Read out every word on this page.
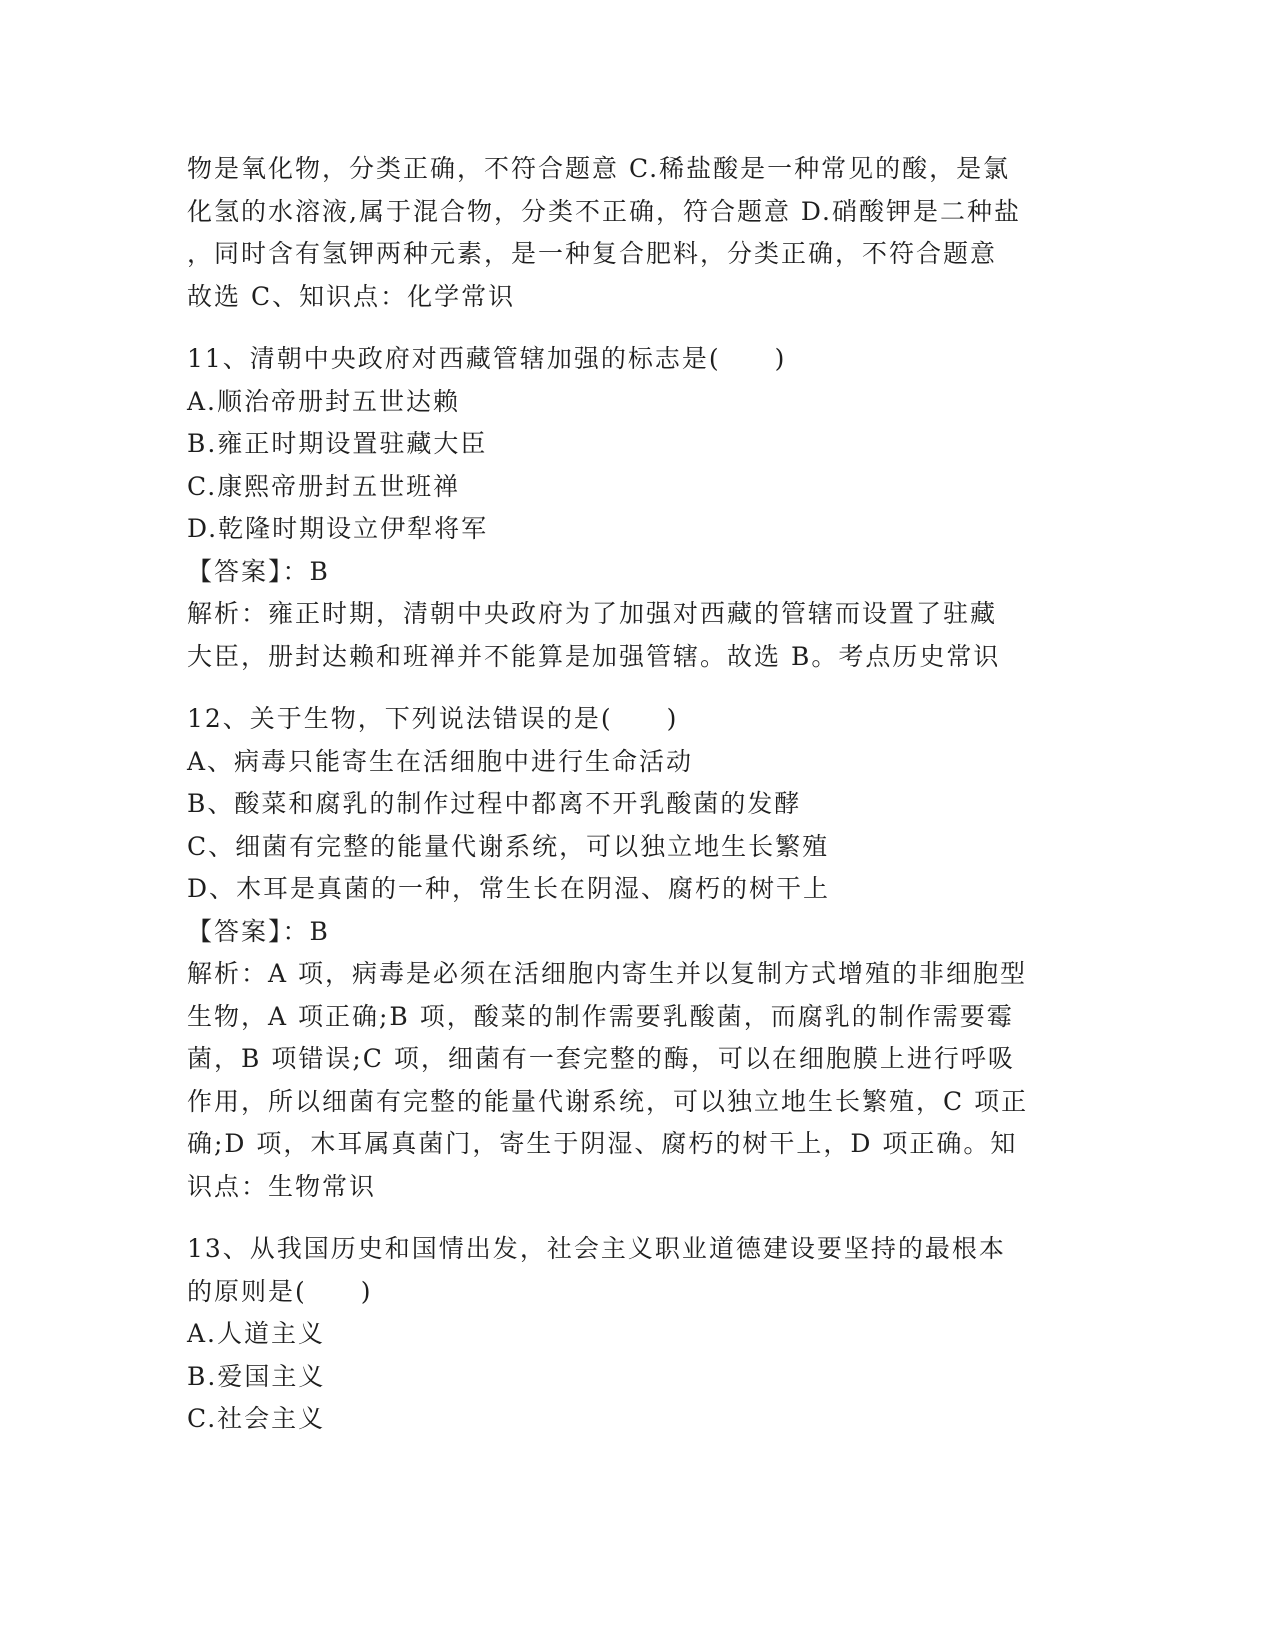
物是氧化物，分类正确，不符合题意 C.稀盐酸是一种常见的酸，是氯
化氢的水溶液,属于混合物，分类不正确，符合题意 D.硝酸钾是二种盐
，同时含有氢钾两种元素，是一种复合肥料，分类正确，不符合题意
故选 C、知识点：化学常识
11、清朝中央政府对西藏管辖加强的标志是(　　)
A.顺治帝册封五世达赖
B.雍正时期设置驻藏大臣
C.康熙帝册封五世班禅
D.乾隆时期设立伊犁将军
【答案】：B
解析：雍正时期，清朝中央政府为了加强对西藏的管辖而设置了驻藏
大臣，册封达赖和班禅并不能算是加强管辖。故选 B。考点历史常识
12、关于生物，下列说法错误的是(　　)
A、病毒只能寄生在活细胞中进行生命活动
B、酸菜和腐乳的制作过程中都离不开乳酸菌的发酵
C、细菌有完整的能量代谢系统，可以独立地生长繁殖
D、木耳是真菌的一种，常生长在阴湿、腐朽的树干上
【答案】：B
解析：A 项，病毒是必须在活细胞内寄生并以复制方式增殖的非细胞型
生物，A 项正确;B 项，酸菜的制作需要乳酸菌，而腐乳的制作需要霉
菌，B 项错误;C 项，细菌有一套完整的酶，可以在细胞膜上进行呼吸
作用，所以细菌有完整的能量代谢系统，可以独立地生长繁殖，C 项正
确;D 项，木耳属真菌门，寄生于阴湿、腐朽的树干上，D 项正确。知
识点：生物常识
13、从我国历史和国情出发，社会主义职业道德建设要坚持的最根本
的原则是(　　)
A.人道主义
B.爱国主义
C.社会主义
